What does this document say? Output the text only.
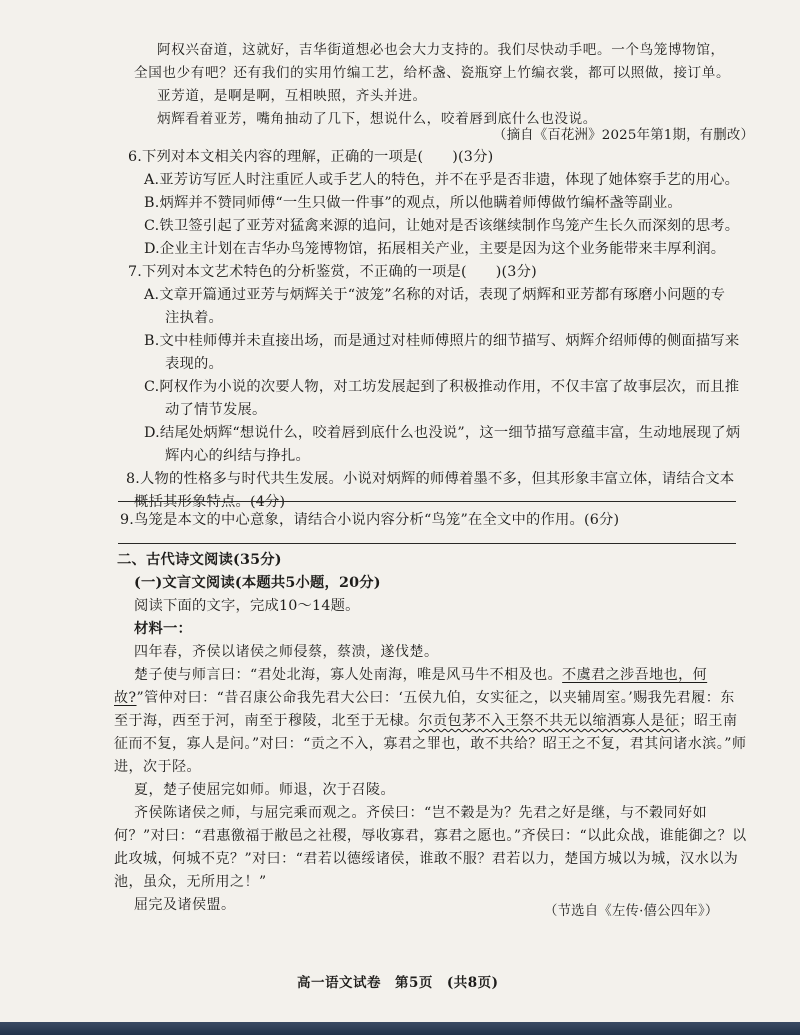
阿权兴奋道，这就好，吉华街道想必也会大力支持的。我们尽快动手吧。一个鸟笼博物馆，
全国也少有吧？还有我们的实用竹编工艺，给杯盏、瓷瓶穿上竹编衣裳，都可以照做，接订单。
亚芳道，是啊是啊，互相映照，齐头并进。
炳辉看着亚芳，嘴角抽动了几下，想说什么，咬着唇到底什么也没说。
（摘自《百花洲》2025年第1期，有删改）
6.下列对本文相关内容的理解，正确的一项是(　　)(3分)
A.亚芳访写匠人时注重匠人或手艺人的特色，并不在乎是否非遗，体现了她体察手艺的用心。
B.炳辉并不赞同师傅“一生只做一件事”的观点，所以他瞒着师傅做竹编杯盏等副业。
C.铁卫签引起了亚芳对猛禽来源的追问，让她对是否该继续制作鸟笼产生长久而深刻的思考。
D.企业主计划在吉华办鸟笼博物馆，拓展相关产业，主要是因为这个业务能带来丰厚利润。
7.下列对本文艺术特色的分析鉴赏，不正确的一项是(　　)(3分)
A.文章开篇通过亚芳与炳辉关于“波笼”名称的对话，表现了炳辉和亚芳都有琢磨小问题的专
注执着。
B.文中桂师傅并未直接出场，而是通过对桂师傅照片的细节描写、炳辉介绍师傅的侧面描写来
表现的。
C.阿权作为小说的次要人物，对工坊发展起到了积极推动作用，不仅丰富了故事层次，而且推
动了情节发展。
D.结尾处炳辉“想说什么，咬着唇到底什么也没说”，这一细节描写意蕴丰富，生动地展现了炳
辉内心的纠结与挣扎。
8.人物的性格多与时代共生发展。小说对炳辉的师傅着墨不多，但其形象丰富立体，请结合文本
概括其形象特点。(4分)
9.鸟笼是本文的中心意象，请结合小说内容分析“鸟笼”在全文中的作用。(6分)
二、古代诗文阅读(35分)
(一)文言文阅读(本题共5小题，20分)
阅读下面的文字，完成10～14题。
材料一：
四年春，齐侯以诸侯之师侵蔡，蔡溃，遂伐楚。
楚子使与师言曰：“君处北海，寡人处南海，唯是风马牛不相及也。不虞君之涉吾地也，何
故?”管仲对曰：“昔召康公命我先君大公曰：‘五侯九伯，女实征之，以夹辅周室。’赐我先君履：东
至于海，西至于河，南至于穆陵，北至于无棣。尔贡包茅不入王祭不共无以缩酒寡人是征；昭王南
征而不复，寡人是问。”对曰：“贡之不入，寡君之罪也，敢不共给？昭王之不复，君其问诸水滨。”师
进，次于陉。
夏，楚子使屈完如师。师退，次于召陵。
齐侯陈诸侯之师，与屈完乘而观之。齐侯曰：“岂不穀是为？先君之好是继，与不穀同好如
何？”对曰：“君惠徼福于敝邑之社稷，辱收寡君，寡君之愿也。”齐侯曰：“以此众战，谁能御之？以
此攻城，何城不克？”对曰：“君若以德绥诸侯，谁敢不服？君若以力，楚国方城以为城，汉水以为
池，虽众，无所用之！”
屈完及诸侯盟。	（节选自《左传·僖公四年》）
高一语文试卷　第5页　(共8页)
